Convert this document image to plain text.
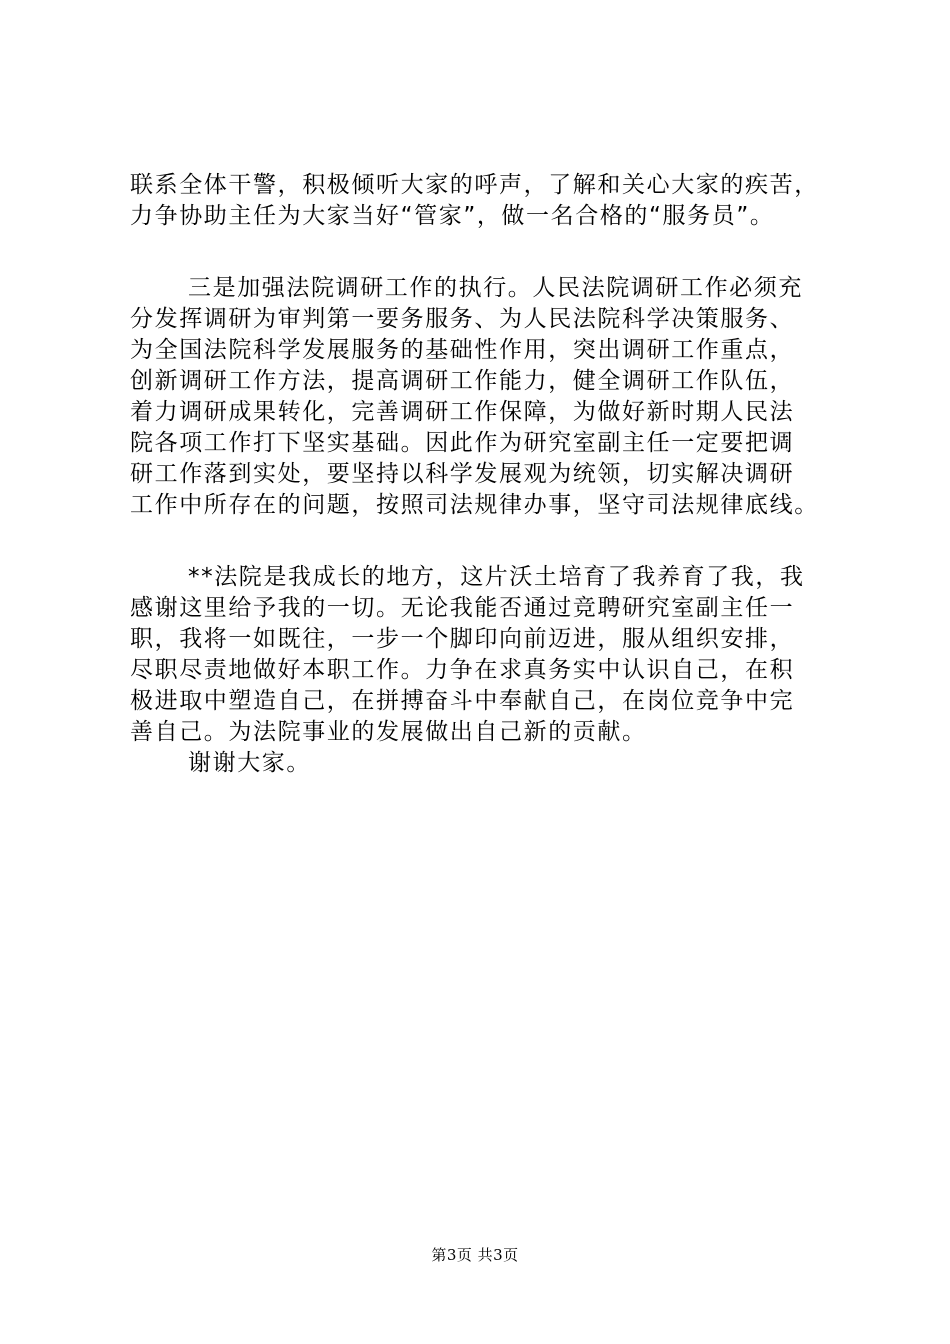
联系全体干警，积极倾听大家的呼声，了解和关心大家的疾苦，
力争协助主任为大家当好“管家”，做一名合格的“服务员”。
三是加强法院调研工作的执行。人民法院调研工作必须充
分发挥调研为审判第一要务服务、为人民法院科学决策服务、
为全国法院科学发展服务的基础性作用，突出调研工作重点，
创新调研工作方法，提高调研工作能力，健全调研工作队伍，
着力调研成果转化，完善调研工作保障，为做好新时期人民法
院各项工作打下坚实基础。因此作为研究室副主任一定要把调
研工作落到实处，要坚持以科学发展观为统领，切实解决调研
工作中所存在的问题，按照司法规律办事，坚守司法规律底线。
**法院是我成长的地方，这片沃土培育了我养育了我，我
感谢这里给予我的一切。无论我能否通过竞聘研究室副主任一
职，我将一如既往，一步一个脚印向前迈进，服从组织安排，
尽职尽责地做好本职工作。力争在求真务实中认识自己，在积
极进取中塑造自己，在拼搏奋斗中奉献自己，在岗位竞争中完
善自己。为法院事业的发展做出自己新的贡献。
谢谢大家。
第3页 共3页
